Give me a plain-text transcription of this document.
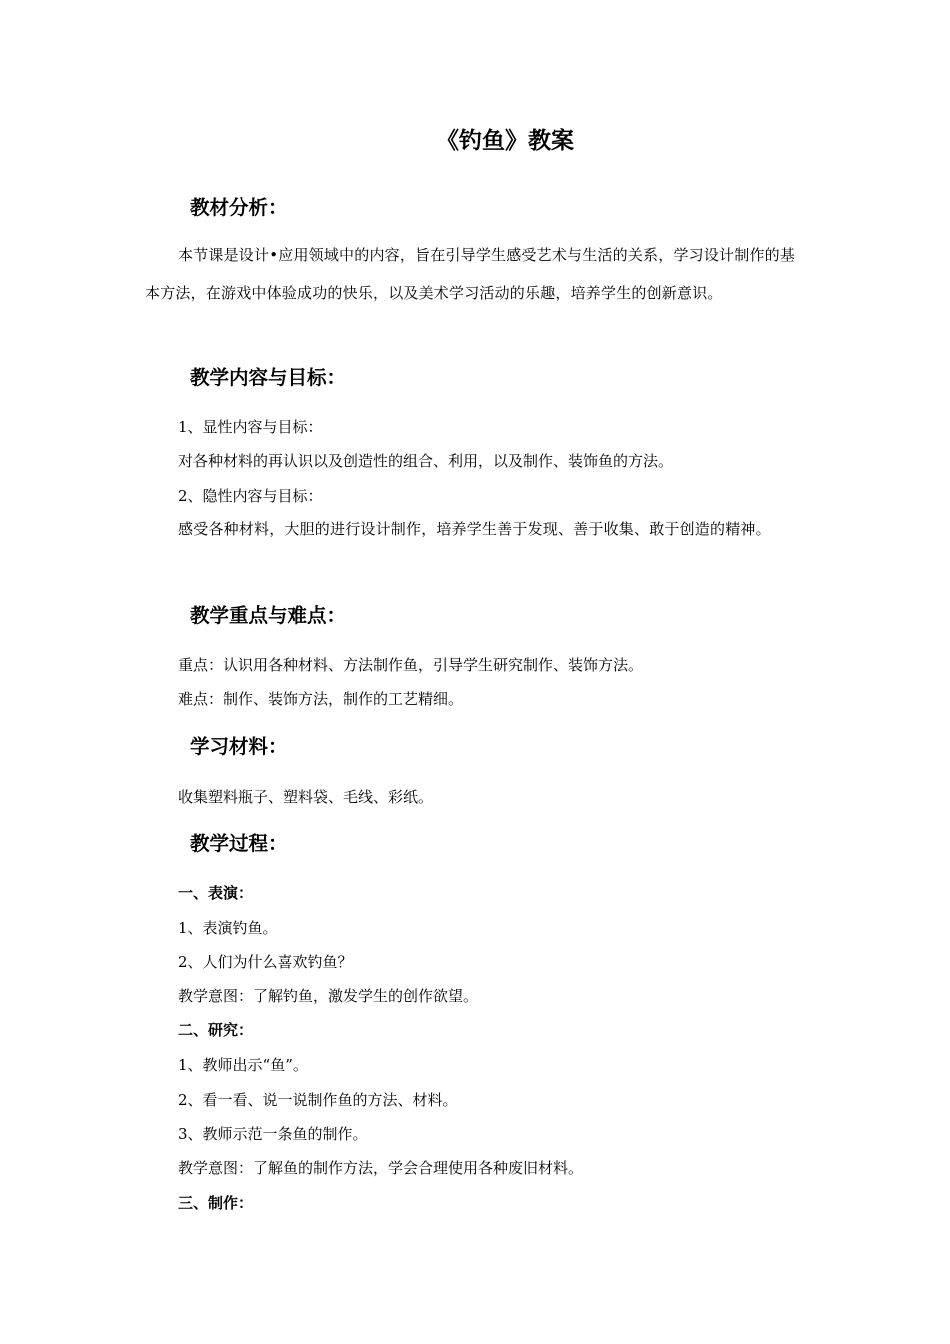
《钓鱼》教案
教材分析：
本节课是设计•应用领域中的内容，旨在引导学生感受艺术与生活的关系，学习设计制作的基本方法，在游戏中体验成功的快乐，以及美术学习活动的乐趣，培养学生的创新意识。
教学内容与目标：
1、显性内容与目标：
对各种材料的再认识以及创造性的组合、利用，以及制作、装饰鱼的方法。
2、隐性内容与目标：
感受各种材料，大胆的进行设计制作，培养学生善于发现、善于收集、敢于创造的精神。
教学重点与难点：
重点：认识用各种材料、方法制作鱼，引导学生研究制作、装饰方法。
难点：制作、装饰方法，制作的工艺精细。
学习材料：
收集塑料瓶子、塑料袋、毛线、彩纸。
教学过程：
一、表演：
1、表演钓鱼。
2、人们为什么喜欢钓鱼？
教学意图：了解钓鱼，激发学生的创作欲望。
二、研究：
1、教师出示“鱼”。
2、看一看、说一说制作鱼的方法、材料。
3、教师示范一条鱼的制作。
教学意图：了解鱼的制作方法，学会合理使用各种废旧材料。
三、制作：
